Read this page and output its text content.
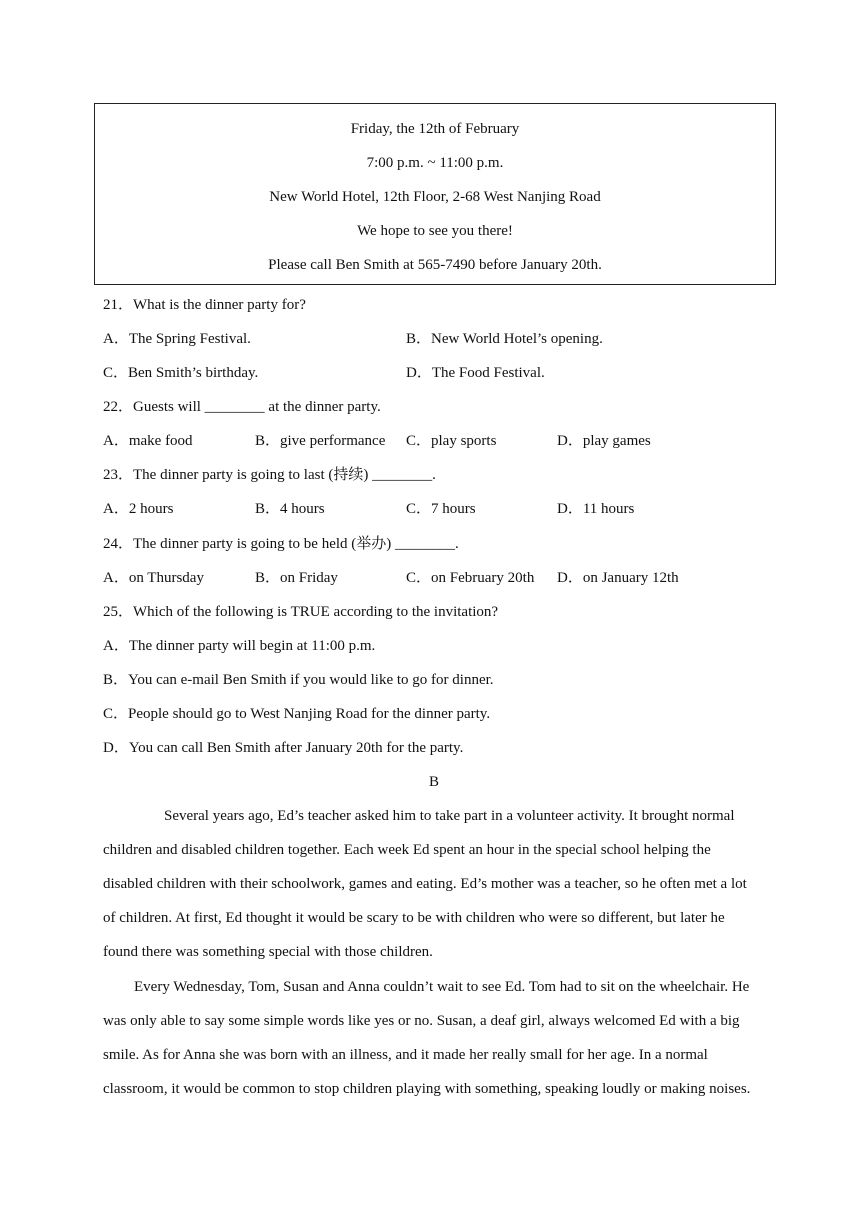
Friday, the 12th of February
7:00 p.m. ~ 11:00 p.m.
New World Hotel, 12th Floor, 2-68 West Nanjing Road
We hope to see you there!
Please call Ben Smith at 565-7490 before January 20th.
21．What is the dinner party for?
A．The Spring Festival.	B．New World Hotel’s opening.
C．Ben Smith’s birthday.	D．The Food Festival.
22．Guests will ________ at the dinner party.
A．make food	B．give performance C．play sports	D．play games
23．The dinner party is going to last (持续) ________.
A．2 hours	B．4 hours	C．7 hours	D．11 hours
24．The dinner party is going to be held (举办) ________.
A．on Thursday	B．on Friday	C．on February 20th D．on January 12th
25．Which of the following is TRUE according to the invitation?
A．The dinner party will begin at 11:00 p.m.
B．You can e-mail Ben Smith if you would like to go for dinner.
C．People should go to West Nanjing Road for the dinner party.
D．You can call Ben Smith after January 20th for the party.
B
Several years ago, Ed’s teacher asked him to take part in a volunteer activity. It brought normal
children and disabled children together. Each week Ed spent an hour in the special school helping the
disabled children with their schoolwork, games and eating. Ed’s mother was a teacher, so he often met a lot
of children. At first, Ed thought it would be scary to be with children who were so different, but later he
found there was something special with those children.
Every Wednesday, Tom, Susan and Anna couldn’t wait to see Ed. Tom had to sit on the wheelchair. He
was only able to say some simple words like yes or no. Susan, a deaf girl, always welcomed Ed with a big
smile. As for Anna she was born with an illness, and it made her really small for her age. In a normal
classroom, it would be common to stop children playing with something, speaking loudly or making noises.
